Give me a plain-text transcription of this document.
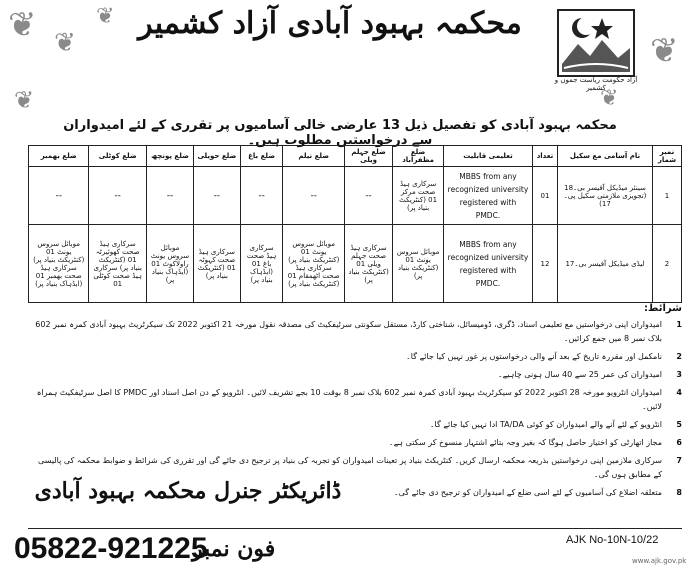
❦ ❦
❦
❦
❦
❦
محکمہ بہبود آبادی آزاد کشمیر
آزاد حکومت ریاست جموں و کشمیر
محکمہ بہبود آبادی کو تفصیل ذیل 13 عارضی خالی آسامیوں پر تقرری کے لئے امیدواران سے درخواستیں مطلوب ہیں۔
نمبر شمار	نام آسامی مع سکیل	تعداد	تعلیمی قابلیت	ضلع مظفرآباد	ضلع جہلم ویلی	ضلع نیلم	ضلع باغ	ضلع حویلی	ضلع پونچھ	ضلع کوٹلی	ضلع بھمبر
1	سینئر میڈیکل آفیسر بی۔18 (تجویزی ملازمتی سکیل پی۔17)	01	MBBS from any
recognized university
registered with PMDC.	سرکاری ہیڈ صحت مرکز 01 (کنٹریکٹ بنیاد پر)	--	--	--	--	--	--	--
2	لیڈی میڈیکل آفیسر بی۔17	12	MBBS from any
recognized university
registered with PMDC.	موبائل سروس یونٹ 01 (کنٹریکٹ بنیاد پر)	سرکاری ہیڈ صحت جہلم ویلی 01 (کنٹریکٹ بنیاد پر)	موبائل سروس یونٹ 01 (کنٹریکٹ بنیاد پر) سرکاری ہیڈ صحت اٹھمقام 01 (کنٹریکٹ بنیاد پر)	سرکاری ہیڈ صحت باغ 01 (ایڈہاک بنیاد پر)	سرکاری ہیڈ صحت کہوٹہ 01 (کنٹریکٹ بنیاد پر)	موبائل سروس یونٹ راولاکوٹ 01 (ایڈہاک بنیاد پر)	سرکاری ہیڈ صحت کھوئیرٹہ 01 (کنٹریکٹ بنیاد پر) سرکاری ہیڈ صحت کوٹلی 01	موبائل سروس یونٹ 01 (کنٹریکٹ بنیاد پر) سرکاری ہیڈ صحت بھمبر 01 (ایڈہاک بنیاد پر)
شرائط:
1
امیدواران اپنی درخواستیں مع تعلیمی اسناد، ڈگری، ڈومیسائل، شناختی کارڈ، مستقل سکونتی سرٹیفکیٹ کی مصدقہ نقول مورخہ 21 اکتوبر 2022 تک سیکرٹریٹ بہبود آبادی کمرہ نمبر 602 بلاک نمبر 8 میں جمع کرائیں۔
2
نامکمل اور مقررہ تاریخ کے بعد آنے والی درخواستوں پر غور نہیں کیا جائے گا۔
3
امیدواران کی عمر 25 سے 40 سال ہونی چاہیے۔
4
امیدواران انٹرویو مورخہ 28 اکتوبر 2022 کو سیکرٹریٹ بہبود آبادی کمرہ نمبر 602 بلاک نمبر 8 بوقت 10 بجے تشریف لائیں۔ انٹرویو کے دن اصل اسناد اور PMDC کا اصل سرٹیفکیٹ ہمراہ لائیں۔
5
انٹرویو کے لئے آنے والے امیدواران کو کوئی TA/DA ادا نہیں کیا جائے گا۔
6
مجاز اتھارٹی کو اختیار حاصل ہوگا کہ بغیر وجہ بتائے اشتہار منسوخ کر سکتی ہے۔
7
سرکاری ملازمین اپنی درخواستیں بذریعہ محکمہ ارسال کریں۔ کنٹریکٹ بنیاد پر تعینات امیدواران کو تجربہ کی بنیاد پر ترجیح دی جائے گی اور تقرری کی شرائط و ضوابط محکمہ کی پالیسی کے مطابق ہوں گی۔
8
متعلقہ اضلاع کی آسامیوں کے لئے اسی ضلع کے امیدواران کو ترجیح دی جائے گی۔
ڈائریکٹر جنرل محکمہ بہبود آبادی
AJK No-10N-10/22
05822-921225
فون نمبر	www.ajk.gov.pk
